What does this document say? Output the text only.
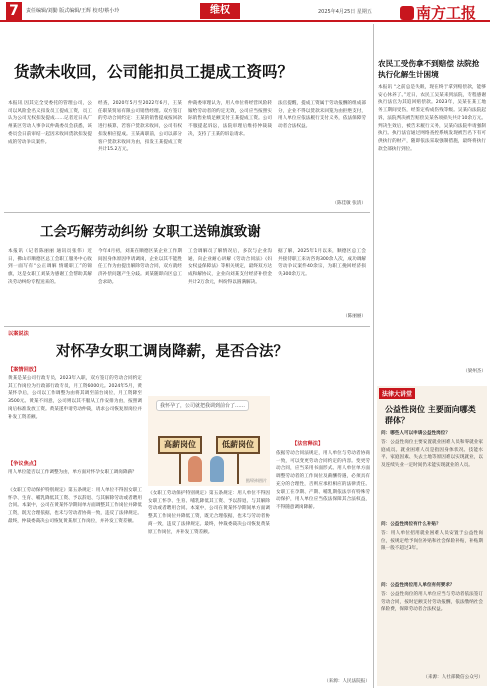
7	责任编辑/刘勤 版式编辑/王辉 校对/蔡小玲	维权	2025年4月25日 星期五	南方工报
货款未收回，公司能扣员工提成工资吗？
本报讯 因其完全受委托的管理公司，公司以风险金名义扣发员工提成工资，员工认为公司无权扣发提成……记者近日从广州某区劳动人事争议仲裁委员会获悉，该委员会日前审结一起因未收回货款扣发提成的劳动争议案件。
经查，2020年5月至2022年6月，王某任职某贸易有限公司销售经理。双方签订的劳动合同约定：王某的销售提成按回款进行核算，若客户货款未收回，公司有权扣发相应提成。王某离职前，公司以部分客户货款未收回为由，扣发王某提成工资共计15.2万元。
仲裁委审理认为，用人单位将经营风险转嫁给劳动者的约定无效，公司应当按照实际销售业绩足额支付王某提成工资。公司不服提起诉讼，法院审理后维持仲裁裁决，支持了王某的诉讼请求。
法官提醒，提成工资属于劳动报酬的组成部分，企业不得以货款未回笼为由拒绝支付，用人单位应依法履行支付义务，依法保障劳动者合法权益。
（陈佳敏 张清）
工会巧解劳动纠纷 女职工送锦旗致谢
本报讯（记者陈丽丽 通讯员张伟）近日，佛山市顺德区总工会职工服务中心收到一面写有“公正调解 情暖职工”的锦旗，这是女职工刘某为感谢工会帮助其解决劳动纠纷专程送来的。
今年4月初，刘某在顺德区某企业工作期间因身体原因申请调岗，企业以其不能胜任工作为由提出解除劳动合同，双方就经济补偿问题产生分歧。刘某随即向区总工会求助。
工会调解员了解情况后，多次与企业沟通，向企业耐心讲解《劳动合同法》《妇女权益保障法》等相关规定，最终双方达成和解协议，企业向刘某支付经济补偿金共计2万余元，纠纷得以圆满解决。
据了解，2025年1月以来，顺德区总工会共接待职工来访咨询300余人次，成功调解劳动争议案件40余宗，为职工挽回经济损失300余万元。
（陈丽丽）
以案说法
对怀孕女职工调岗降薪，是否合法？
【案情回放】
黄某是某公司行政专员，2023年入职，双方签订的劳动合同约定其工作岗位为行政部行政专员，月工资6000元。2024年5月，黄某怀孕后，公司以工作调整为由将其调至前台岗位，月工资降至3500元。黄某不同意，公司则以其不服从工作安排为由，按照调岗后标准发放工资。黄某遂申请劳动仲裁，请求公司恢复原岗位并补发工资差额。
【争议焦点】
用人单位能否以工作调整为由，单方面对怀孕女职工调岗降薪？
《女职工劳动保护特别规定》第五条规定：用人单位不得因女职工怀孕、生育、哺乳降低其工资、予以辞退、与其解除劳动或者聘用合同。本案中，公司在黄某怀孕期间单方面调整其工作岗位并降低工资，既无合理依据，也未与劳动者协商一致，违反了法律规定。最终，仲裁委裁决公司恢复黄某原工作岗位，并补发工资差额。
我怀孕了，公司就把我调到前台了……
高薪岗位	低薪岗位
图/资料图片
《女职工劳动保护特别规定》第五条规定：用人单位不得因女职工怀孕、生育、哺乳降低其工资、予以辞退、与其解除劳动或者聘用合同。本案中，公司在黄某怀孕期间单方面调整其工作岗位并降低工资，既无合理依据，也未与劳动者协商一致，违反了法律规定。最终，仲裁委裁决公司恢复黄某原工作岗位，并补发工资差额。
【法官释法】
依据劳动合同法规定，用人单位与劳动者协商一致，可以变更劳动合同约定的内容。变更劳动合同，应当采用书面形式。用人单位单方面调整劳动者的工作岗位及薪酬待遇，必须具有充分的合理性，否则应承担相应的法律责任。女职工在孕期、产期、哺乳期依法享有特殊劳动保护，用人单位应当依法保障其合法权益，不得随意调岗降薪。
（来源：人民法院报）
农民工受伤拿不到赔偿 法院抢执行化解生计困境
本报讯 “之前总是失眠，现在终于拿到赔偿款，能够安心休养了。”近日，农民工吴某来到法院，专程感谢执行法官为其追回赔偿款。2023年，吴某在某工地务工期间受伤，经鉴定构成伤残等级。吴某向法院起诉，法院判决被告赔偿吴某各项损失共计10余万元。判决生效后，被告未履行义务，吴某向法院申请强制执行。执行法官通过网络查控系统发现被告名下有可供执行的财产，随即依法采取强制措施，最终将执行款全部执行到位。
（梁州杰）
法律大讲堂
公益性岗位 主要面向哪类群体？
问：哪些人可以申请公益性岗位？
答：公益性岗位主要安置就业困难人员和零就业家庭成员。就业困难人员是指因身体状况、技能水平、家庭因素、失去土地等原因难以实现就业，以及连续失业一定时间仍未能实现就业的人员。
问：公益性岗位有什么补贴？
答：用人单位招用就业困难人员安置于公益性岗位，按规定给予岗位补贴和社会保险补贴，补贴期限一般不超过3年。
问：公益性岗位用人单位有何要求？
答：公益性岗位的用人单位应当与劳动者依法签订劳动合同，按时足额支付劳动报酬，依法缴纳社会保险费，保障劳动者合法权益。
（来源：人社部微信公众号）
